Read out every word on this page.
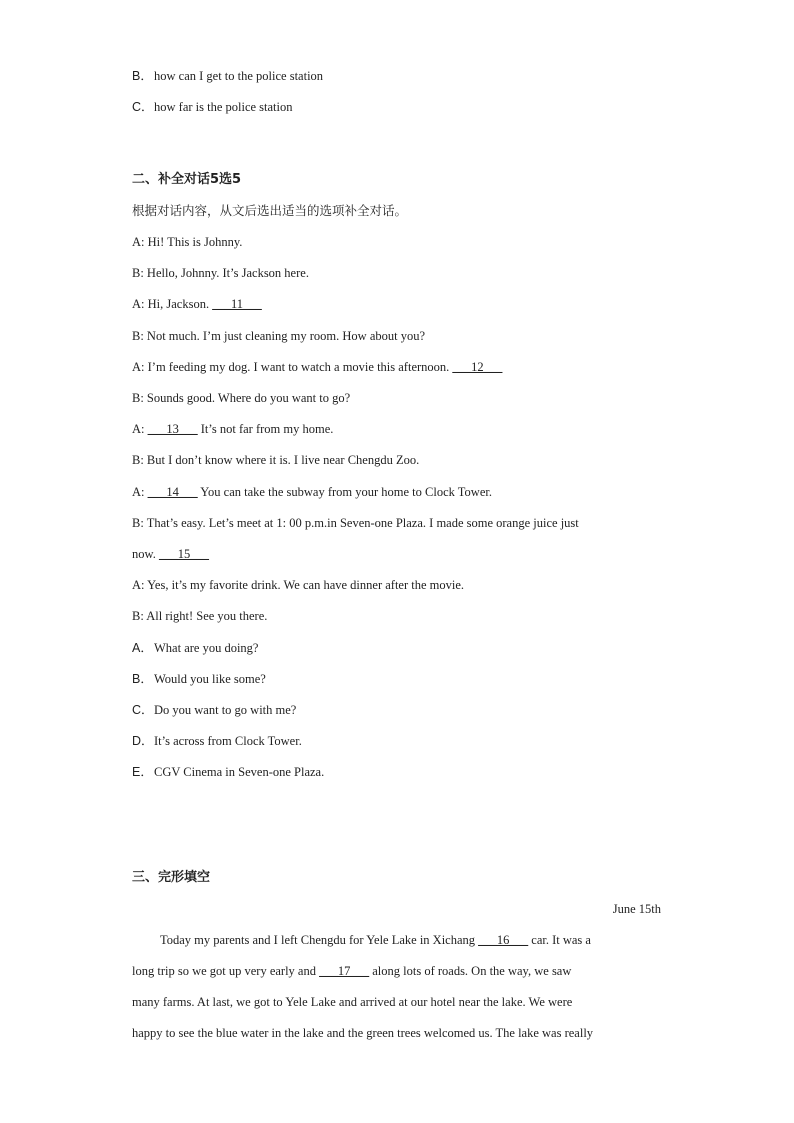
B．how can I get to the police station
C．how far is the police station
二、补全对话5选5
根据对话内容，从文后选出适当的选项补全对话。
A: Hi! This is Johnny.
B: Hello, Johnny. It’s Jackson here.
A: Hi, Jackson. ___11___
B: Not much. I’m just cleaning my room. How about you?
A: I’m feeding my dog. I want to watch a movie this afternoon. ___12___
B: Sounds good. Where do you want to go?
A: ___13___ It’s not far from my home.
B: But I don’t know where it is. I live near Chengdu Zoo.
A: ___14___ You can take the subway from your home to Clock Tower.
B: That’s easy. Let’s meet at 1: 00 p.m.in Seven-one Plaza. I made some orange juice just
now. ___15___
A: Yes, it’s my favorite drink. We can have dinner after the movie.
B: All right! See you there.
A．What are you doing?
B．Would you like some?
C．Do you want to go with me?
D．It’s across from Clock Tower.
E．CGV Cinema in Seven-one Plaza.
三、完形填空
June 15th
Today my parents and I left Chengdu for Yele Lake in Xichang ___16___ car. It was a
long trip so we got up very early and ___17___ along lots of roads. On the way, we saw
many farms. At last, we got to Yele Lake and arrived at our hotel near the lake. We were
happy to see the blue water in the lake and the green trees welcomed us. The lake was really
